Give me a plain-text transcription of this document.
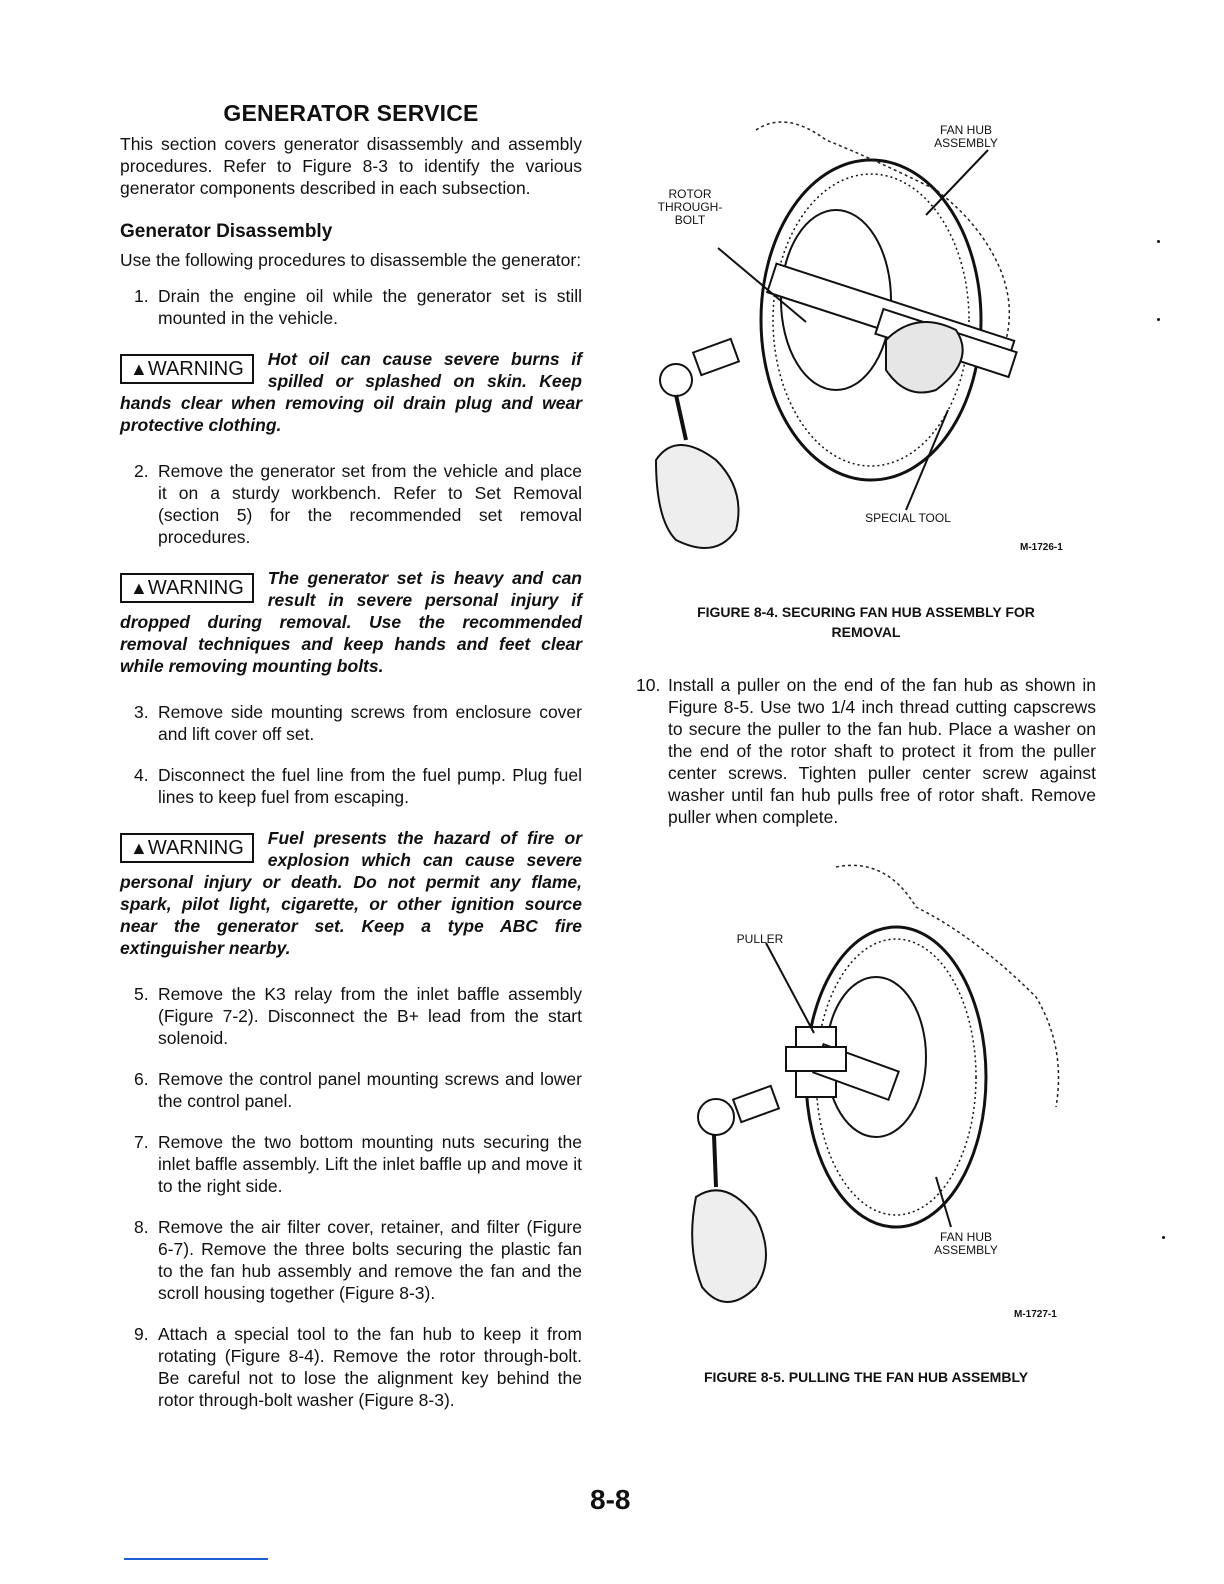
GENERATOR SERVICE

This section covers generator disassembly and assembly procedures. Refer to Figure 8-3 to identify the various generator components described in each subsection.

Generator Disassembly

Use the following procedures to disassemble the generator:

1. Drain the engine oil while the generator set is still mounted in the vehicle.
▲WARNING	Hot oil can cause severe burns if spilled or splashed on skin. Keep hands clear when removing oil drain plug and wear protective clothing.
2. Remove the generator set from the vehicle and place it on a sturdy workbench. Refer to Set Removal (section 5) for the recommended set removal procedures.
▲WARNING	The generator set is heavy and can result in severe personal injury if dropped during removal. Use the recommended removal techniques and keep hands and feet clear while removing mounting bolts.
3. Remove side mounting screws from enclosure cover and lift cover off set.
4. Disconnect the fuel line from the fuel pump. Plug fuel lines to keep fuel from escaping.
▲WARNING	Fuel presents the hazard of fire or explosion which can cause severe personal injury or death. Do not permit any flame, spark, pilot light, cigarette, or other ignition source near the generator set. Keep a type ABC fire extinguisher nearby.
5. Remove the K3 relay from the inlet baffle assembly (Figure 7-2). Disconnect the B+ lead from the start solenoid.
6. Remove the control panel mounting screws and lower the control panel.
7. Remove the two bottom mounting nuts securing the inlet baffle assembly. Lift the inlet baffle up and move it to the right side.
8. Remove the air filter cover, retainer, and filter (Figure 6-7). Remove the three bolts securing the plastic fan to the fan hub assembly and remove the fan and the scroll housing together (Figure 8-3).
9. Attach a special tool to the fan hub to keep it from rotating (Figure 8-4). Remove the rotor through-bolt. Be careful not to lose the alignment key behind the rotor through-bolt washer (Figure 8-3).
FAN HUB ASSEMBLY
ROTOR THROUGH-BOLT
SPECIAL TOOL
M-1726-1
FIGURE 8-4. SECURING FAN HUB ASSEMBLY FOR REMOVAL
10. Install a puller on the end of the fan hub as shown in Figure 8-5. Use two 1/4 inch thread cutting capscrews to secure the puller to the fan hub. Place a washer on the end of the rotor shaft to protect it from the puller center screws. Tighten puller center screw against washer until fan hub pulls free of rotor shaft. Remove puller when complete.
PULLER
FAN HUB ASSEMBLY
M-1727-1
FIGURE 8-5. PULLING THE FAN HUB ASSEMBLY
8-8
